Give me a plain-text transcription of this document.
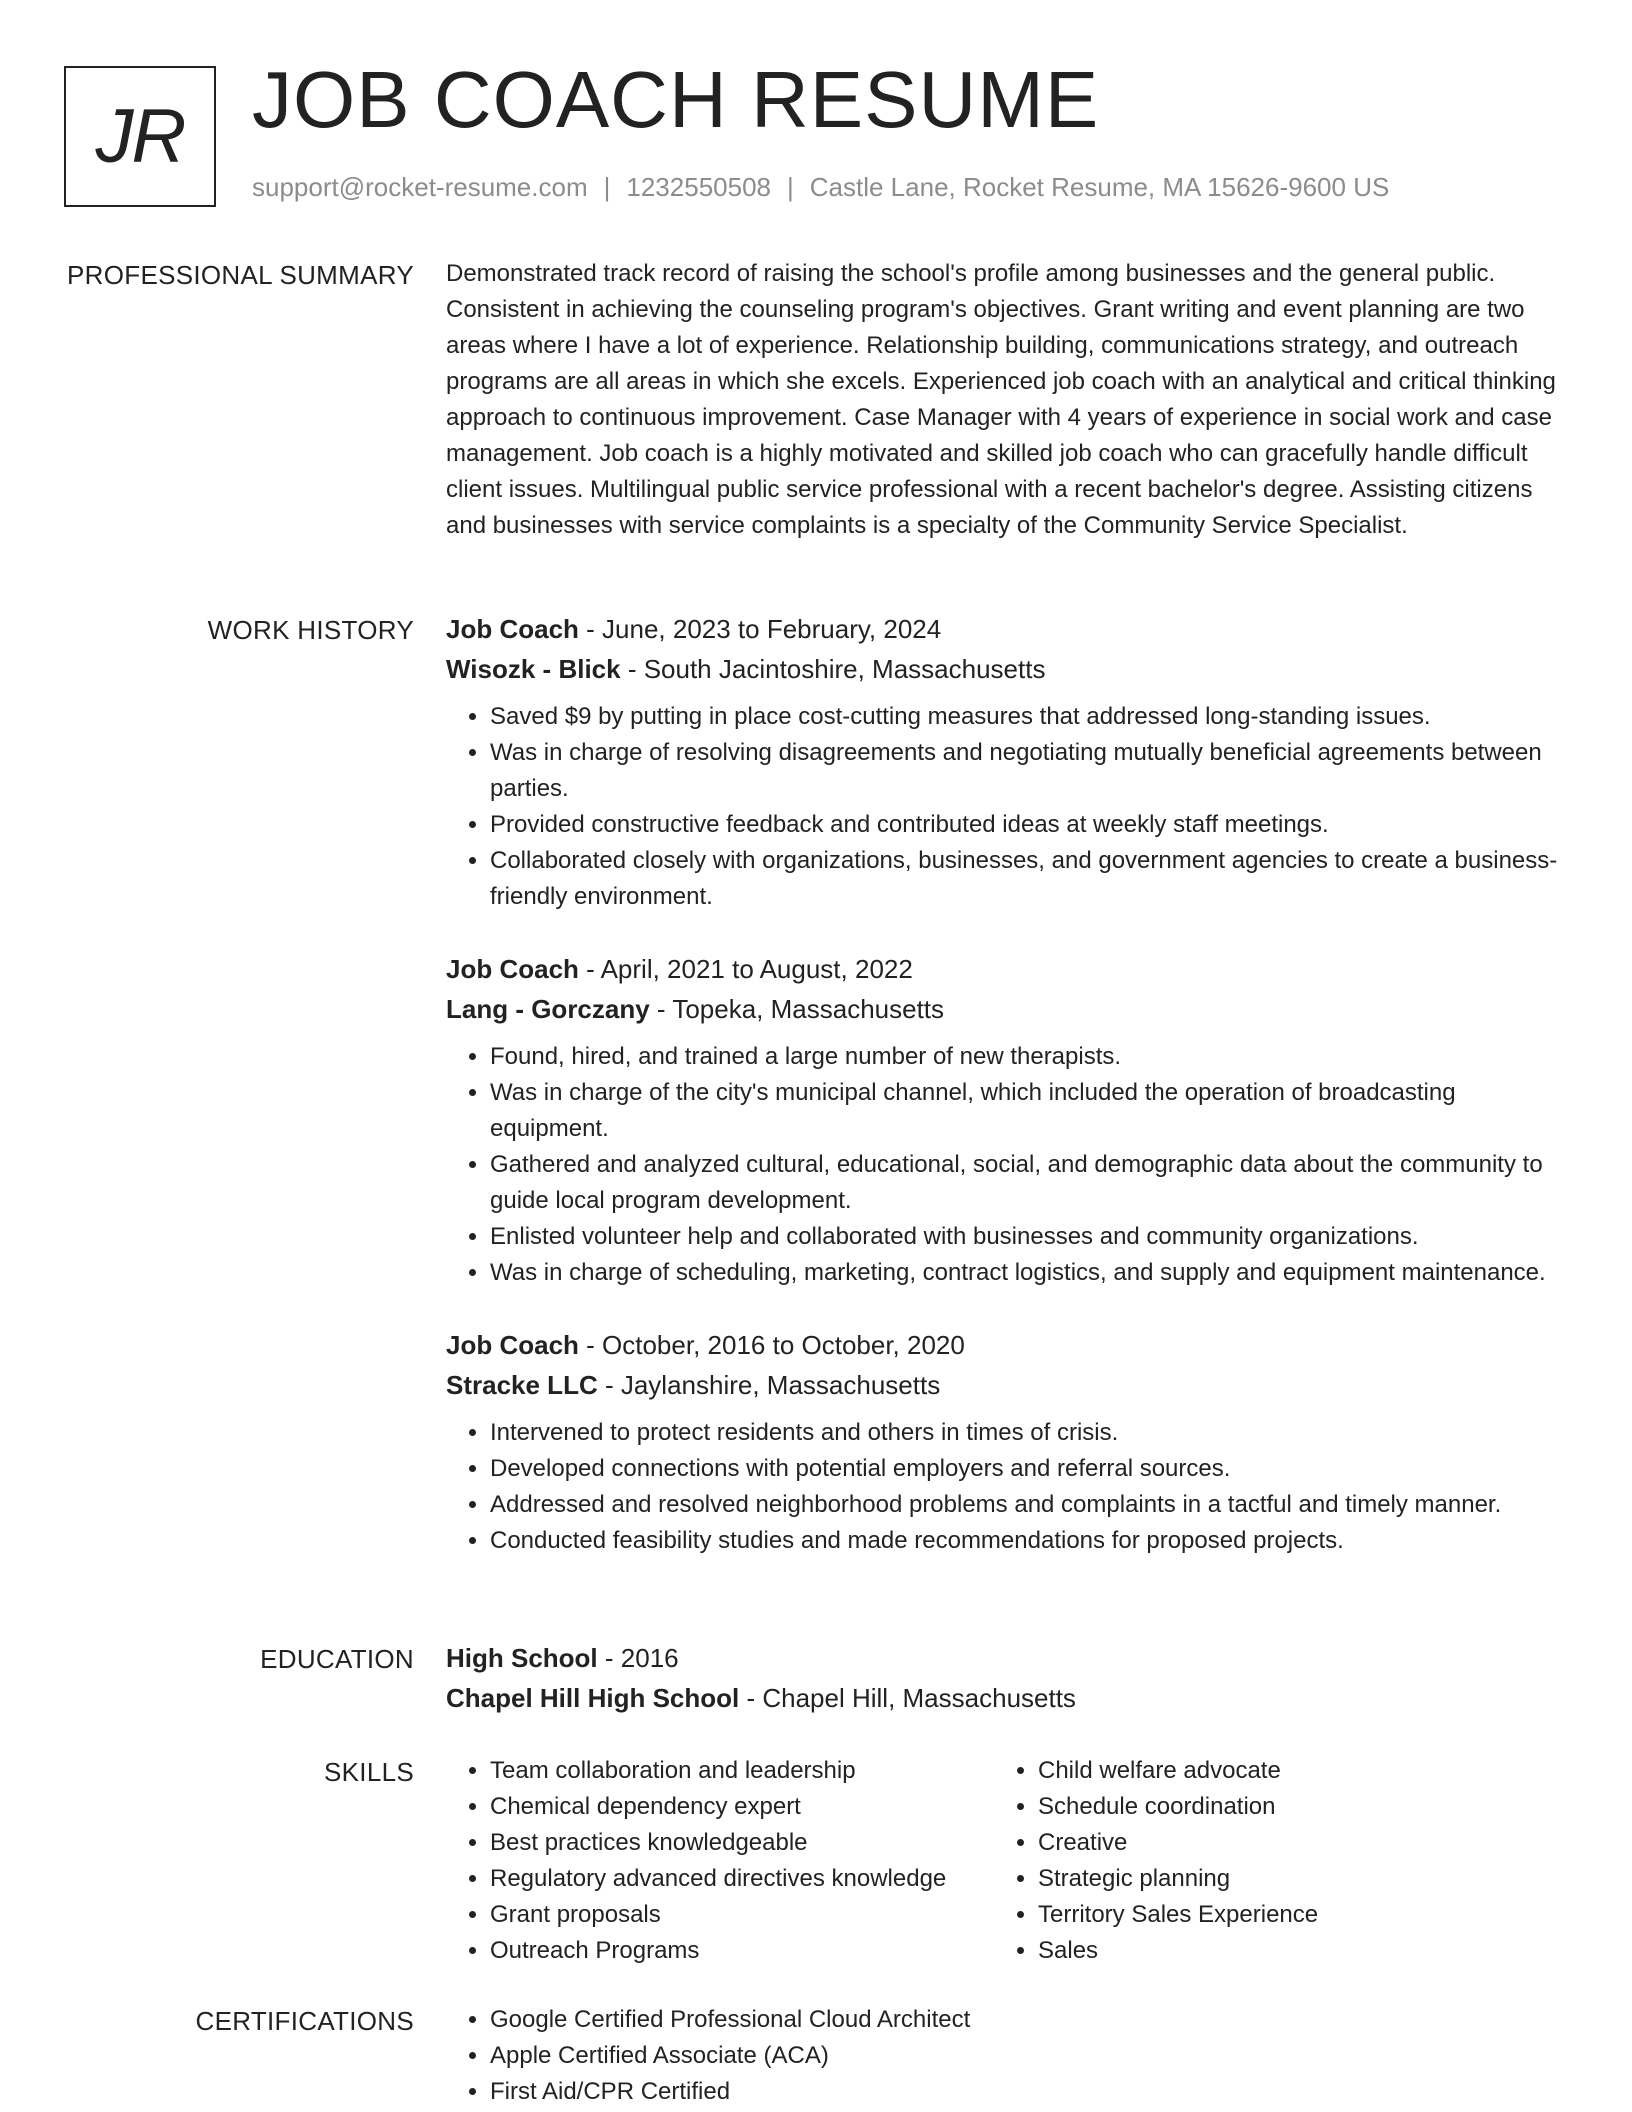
JR JOB COACH RESUME
support@rocket-resume.com | 1232550508 | Castle Lane, Rocket Resume, MA 15626-9600 US
PROFESSIONAL SUMMARY Demonstrated track record of raising the school's profile among businesses and the general public. Consistent in achieving the counseling program's objectives. Grant writing and event planning are two areas where I have a lot of experience. Relationship building, communications strategy, and outreach programs are all areas in which she excels. Experienced job coach with an analytical and critical thinking approach to continuous improvement. Case Manager with 4 years of experience in social work and case management. Job coach is a highly motivated and skilled job coach who can gracefully handle difficult client issues. Multilingual public service professional with a recent bachelor's degree. Assisting citizens and businesses with service complaints is a specialty of the Community Service Specialist.

WORK HISTORY Job Coach - June, 2023 to February, 2024

Wisozk - Blick - South Jacintoshire, Massachusetts

• Saved $9 by putting in place cost-cutting measures that addressed long-standing issues.
• Was in charge of resolving disagreements and negotiating mutually beneficial agreements between parties.
• Provided constructive feedback and contributed ideas at weekly staff meetings.
• Collaborated closely with organizations, businesses, and government agencies to create a business-friendly environment.

Job Coach - April, 2021 to August, 2022

Lang - Gorczany - Topeka, Massachusetts

• Found, hired, and trained a large number of new therapists.
• Was in charge of the city's municipal channel, which included the operation of broadcasting equipment.
• Gathered and analyzed cultural, educational, social, and demographic data about the community to guide local program development.
• Enlisted volunteer help and collaborated with businesses and community organizations.
• Was in charge of scheduling, marketing, contract logistics, and supply and equipment maintenance.

Job Coach - October, 2016 to October, 2020

Stracke LLC - Jaylanshire, Massachusetts

• Intervened to protect residents and others in times of crisis.
• Developed connections with potential employers and referral sources.
• Addressed and resolved neighborhood problems and complaints in a tactful and timely manner.
• Conducted feasibility studies and made recommendations for proposed projects.
EDUCATION High School - 2016

Chapel Hill High School - Chapel Hill, Massachusetts

SKILLS	• Team collaboration and leadership
• Chemical dependency expert
• Best practices knowledgeable
• Regulatory advanced directives knowledge
• Grant proposals
• Outreach Programs
• Child welfare advocate
• Schedule coordination
• Creative
• Strategic planning
• Territory Sales Experience
• Sales
CERTIFICATIONS	• Google Certified Professional Cloud Architect
• Apple Certified Associate (ACA)
• First Aid/CPR Certified
